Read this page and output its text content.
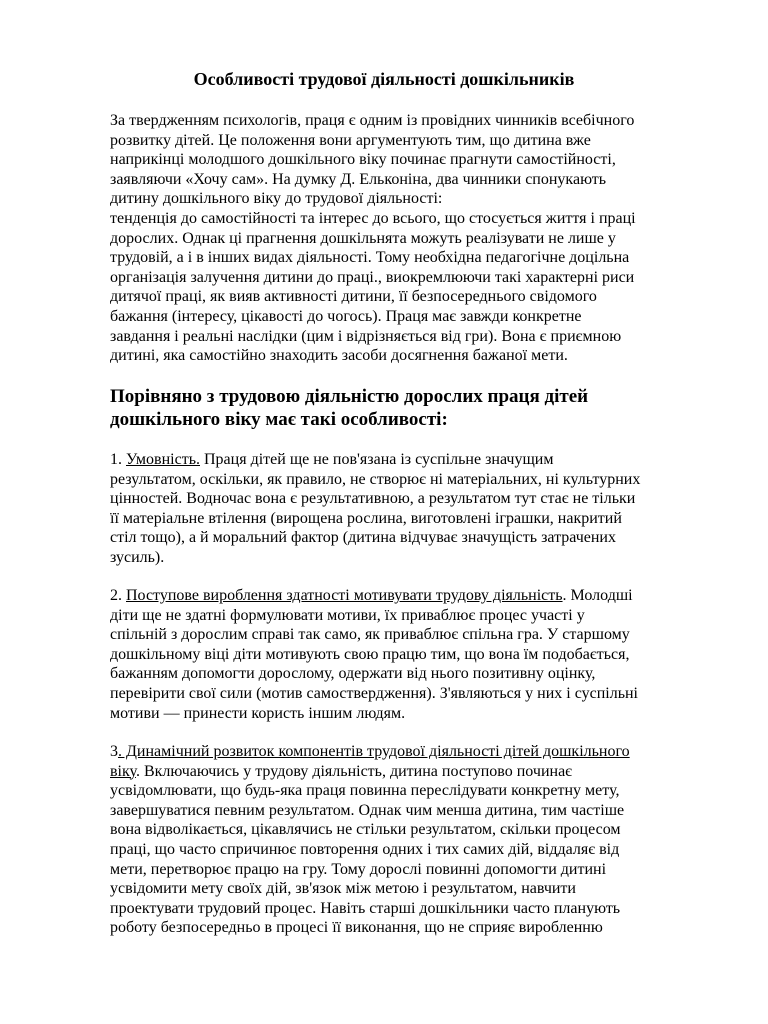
Особливості трудової діяльності дошкільників

За твердженням психологів, праця є одним із провідних чинників всебічного
розвитку дітей. Це положення вони аргументують тим, що дитина вже
наприкінці молодшого дошкільного віку починає прагнути самостійності,
заявляючи «Хочу сам». На думку Д. Ельконіна, два чинники спонукають
дитину дошкільного віку до трудової діяльності:
тенденція до самостійності та інтерес до всього, що стосується життя і праці
дорослих. Однак ці прагнення дошкільнята можуть реалізувати не лише у
трудовій, а і в інших видах діяльності. Тому необхідна педагогічне доцільна
організація залучення дитини до праці., виокремлюючи такі характерні риси
дитячої праці, як вияв активності дитини, її безпосереднього свідомого
бажання (інтересу, цікавості до чогось). Праця має завжди конкретне
завдання і реальні наслідки (цим і відрізняється від гри). Вона є приємною
дитині, яка самостійно знаходить засоби досягнення бажаної мети.

Порівняно з трудовою діяльністю дорослих праця дітей
дошкільного віку має такі особливості:

1. Умовність. Праця дітей ще не пов'язана із суспільне значущим
результатом, оскільки, як правило, не створює ні матеріальних, ні культурних
цінностей. Водночас вона є результативною, а результатом тут стає не тільки
її матеріальне втілення (вирощена рослина, виготовлені іграшки, накритий
стіл тощо), а й моральний фактор (дитина відчуває значущість затрачених
зусиль).

2. Поступове вироблення здатності мотивувати трудову діяльність. Молодші
діти ще не здатні формулювати мотиви, їх приваблює процес участі у
спільній з дорослим справі так само, як приваблює спільна гра. У старшому
дошкільному віці діти мотивують свою працю тим, що вона їм подобається,
бажанням допомогти дорослому, одержати від нього позитивну оцінку,
перевірити свої сили (мотив самоствердження). З'являються у них і суспільні
мотиви — принести користь іншим людям.

3. Динамічний розвиток компонентів трудової діяльності дітей дошкільного
віку. Включаючись у трудову діяльність, дитина поступово починає
усвідомлювати, що будь-яка праця повинна переслідувати конкретну мету,
завершуватися певним результатом. Однак чим менша дитина, тим частіше
вона відволікається, цікавлячись не стільки результатом, скільки процесом
праці, що часто спричинює повторення одних і тих самих дій, віддаляє від
мети, перетворює працю на гру. Тому дорослі повинні допомогти дитині
усвідомити мету своїх дій, зв'язок між метою і результатом, навчити
проектувати трудовий процес. Навіть старші дошкільники часто планують
роботу безпосередньо в процесі її виконання, що не сприяє виробленню
